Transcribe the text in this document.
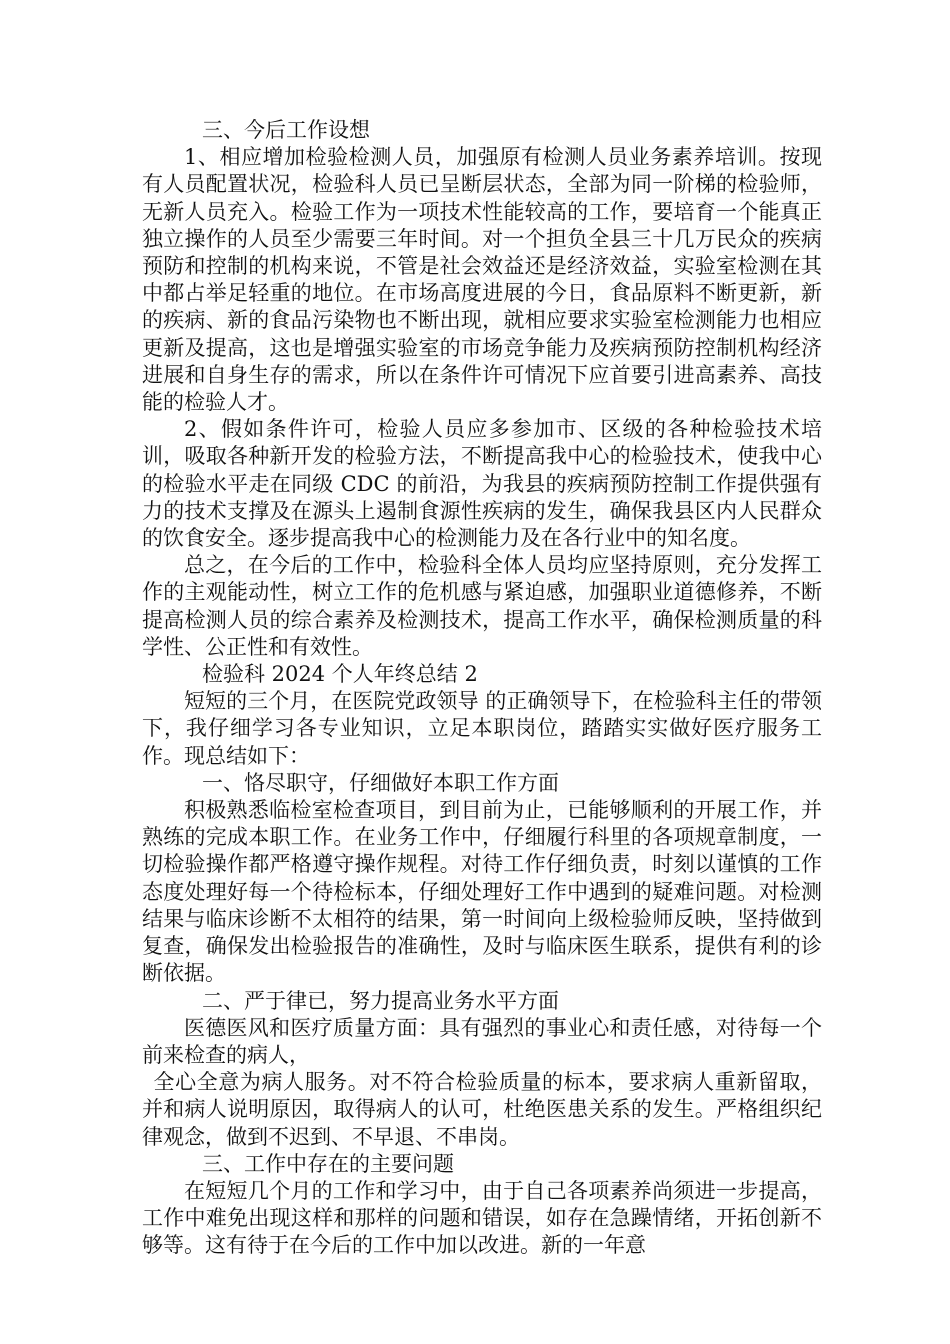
三、今后工作设想

1、相应增加检验检测人员，加强原有检测人员业务素养培训。按现有人员配置状况，检验科人员已呈断层状态，全部为同一阶梯的检验师，无新人员充入。检验工作为一项技术性能较高的工作，要培育一个能真正独立操作的人员至少需要三年时间。对一个担负全县三十几万民众的疾病预防和控制的机构来说，不管是社会效益还是经济效益，实验室检测在其中都占举足轻重的地位。在市场高度进展的今日，食品原料不断更新，新的疾病、新的食品污染物也不断出现，就相应要求实验室检测能力也相应更新及提高，这也是增强实验室的市场竞争能力及疾病预防控制机构经济进展和自身生存的需求，所以在条件许可情况下应首要引进高素养、高技能的检验人才。

2、假如条件许可，检验人员应多参加市、区级的各种检验技术培训，吸取各种新开发的检验方法，不断提高我中心的检验技术，使我中心的检验水平走在同级 CDC 的前沿，为我县的疾病预防控制工作提供强有力的技术支撑及在源头上遏制食源性疾病的发生，确保我县区内人民群众的饮食安全。逐步提高我中心的检测能力及在各行业中的知名度。

总之，在今后的工作中，检验科全体人员均应坚持原则，充分发挥工作的主观能动性，树立工作的危机感与紧迫感，加强职业道德修养，不断提高检测人员的综合素养及检测技术，提高工作水平，确保检测质量的科学性、公正性和有效性。

检验科 2024 个人年终总结 2

短短的三个月，在医院党政领导 的正确领导下，在检验科主任的带领下，我仔细学习各专业知识，立足本职岗位，踏踏实实做好医疗服务工作。现总结如下：

一、恪尽职守，仔细做好本职工作方面

积极熟悉临检室检查项目，到目前为止，已能够顺利的开展工作，并熟练的完成本职工作。在业务工作中，仔细履行科里的各项规章制度，一切检验操作都严格遵守操作规程。对待工作仔细负责，时刻以谨慎的工作态度处理好每一个待检标本，仔细处理好工作中遇到的疑难问题。对检测结果与临床诊断不太相符的结果，第一时间向上级检验师反映，坚持做到复查，确保发出检验报告的准确性，及时与临床医生联系，提供有利的诊断依据。

二、严于律已，努力提高业务水平方面

医德医风和医疗质量方面：具有强烈的事业心和责任感，对待每一个前来检查的病人，

全心全意为病人服务。对不符合检验质量的标本，要求病人重新留取，并和病人说明原因，取得病人的认可，杜绝医患关系的发生。严格组织纪律观念，做到不迟到、不早退、不串岗。

三、工作中存在的主要问题

在短短几个月的工作和学习中，由于自己各项素养尚须进一步提高，工作中难免出现这样和那样的问题和错误，如存在急躁情绪，开拓创新不够等。这有待于在今后的工作中加以改进。新的一年意
